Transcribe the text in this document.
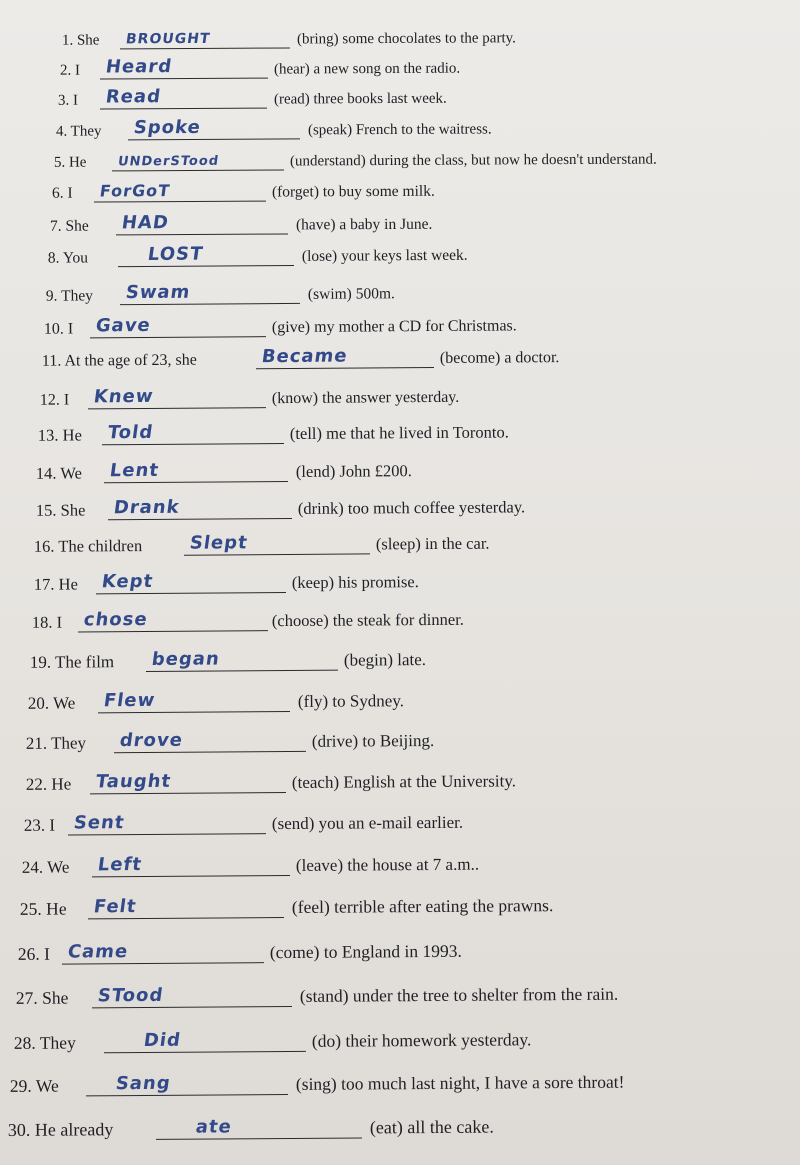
1. She BROUGHT	(bring) some chocolates to the party.
2. I Heard	(hear) a new song on the radio.
3. I Read	(read) three books last week.
4. They Spoke	(speak) French to the waitress.
5. He UNDerSTood	(understand) during the class, but now he doesn't understand.
6. I ForGoT	(forget) to buy some milk.
7. She HAD	(have) a baby in June.
8. You	LOST	(lose) your keys last week.
9. They Swam	(swim) 500m.
10. I Gave	(give) my mother a CD for Christmas.
11. At the age of 23, she	Became	(become) a doctor.
12. I Knew	(know) the answer yesterday.
13. He Told	(tell) me that he lived in Toronto.
14. We Lent	(lend) John £200.
15. She Drank	(drink) too much coffee yesterday.
16. The children	Slept	(sleep) in the car.
17. He Kept	(keep) his promise.
18. I chose	(choose) the steak for dinner.
19. The film began	(begin) late.
20. We Flew	(fly) to Sydney.
21. They drove	(drive) to Beijing.
22. He Taught	(teach) English at the University.
23. I Sent	(send) you an e-mail earlier.
24. We Left	(leave) the house at 7 a.m..
25. He Felt	(feel) terrible after eating the prawns.
26. I Came	(come) to England in 1993.
27. She STood	(stand) under the tree to shelter from the rain.
28. They	Did	(do) their homework yesterday.
29. We	Sang	(sing) too much last night, I have a sore throat!
30. He already	ate	(eat) all the cake.
